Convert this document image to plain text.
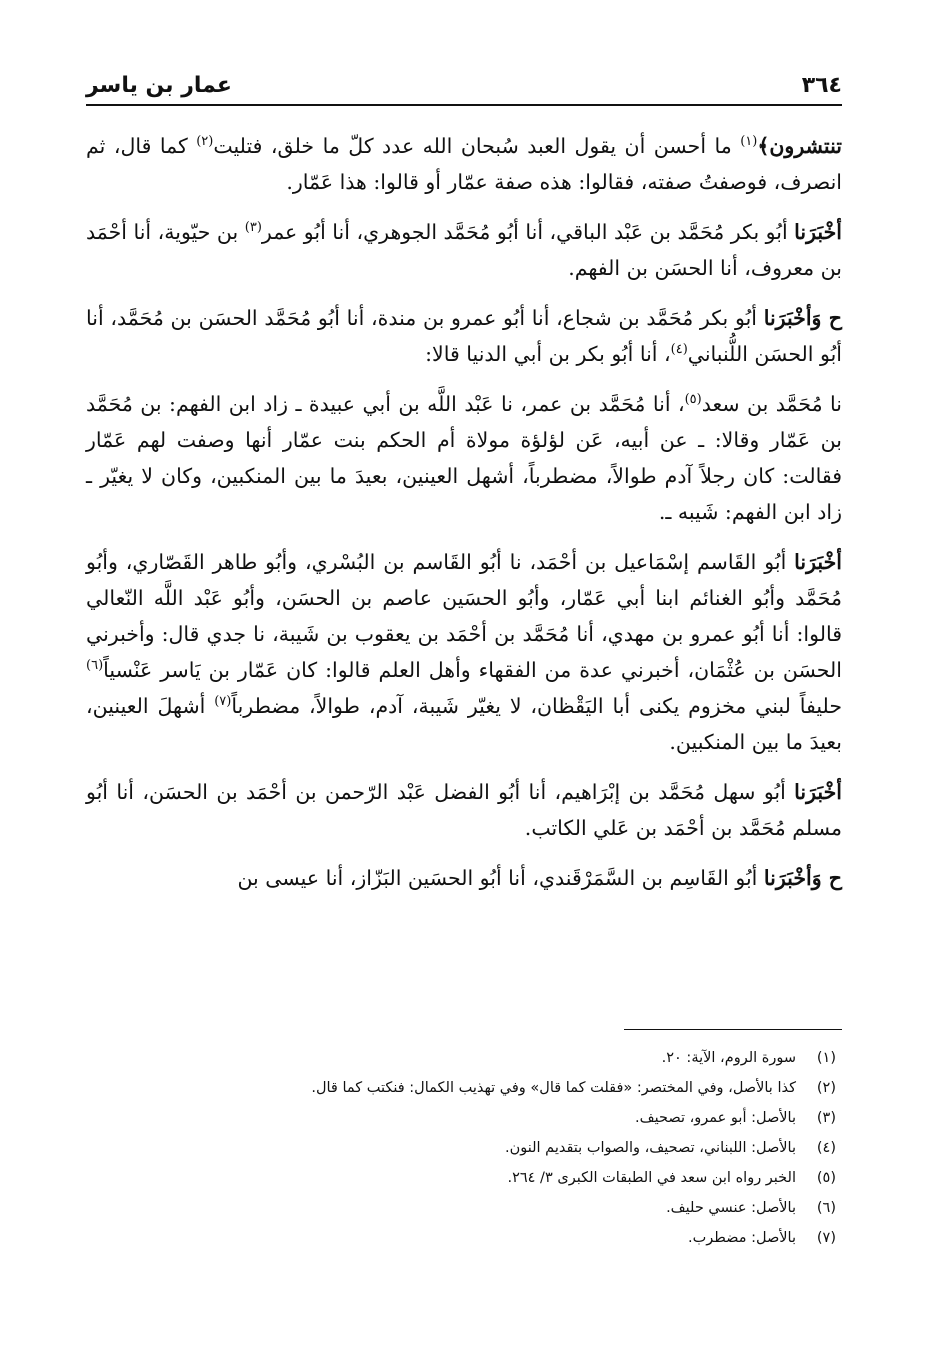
٣٦٤
عمار بن ياسر

تنتشرون﴾$^{(١)}$ ما أحسن أن يقول العبد سُبحان الله عدد كلّ ما خلق، فتليت$^{(٢)}$ كما قال، ثم انصرف، فوصفتُ صفته، فقالوا: هذه صفة عمّار أو قالوا: هذا عَمّار.

أخْبَرَنا أبُو بكر مُحَمَّد بن عَبْد الباقي، أنا أبُو مُحَمَّد الجوهري، أنا أبُو عمر$^{(٣)}$ بن حيّوية، أنا أحْمَد بن معروف، أنا الحسَن بن الفهم.

ح وَأخْبَرَنا أبُو بكر مُحَمَّد بن شجاع، أنا أبُو عمرو بن مندة، أنا أبُو مُحَمَّد الحسَن بن مُحَمَّد، أنا أبُو الحسَن اللُّنباني$^{(٤)}$، أنا أبُو بكر بن أبي الدنيا قالا:

نا مُحَمَّد بن سعد$^{(٥)}$، أنا مُحَمَّد بن عمر، نا عَبْد اللَّه بن أبي عبيدة ـ زاد ابن الفهم: بن مُحَمَّد بن عَمّار وقالا: ـ عن أبيه، عَن لؤلؤة مولاة أم الحكم بنت عمّار أنها وصفت لهم عَمّار فقالت: كان رجلاً آدم طوالاً، مضطرباً، أشهل العينين، بعيدَ ما بين المنكبين، وكان لا يغيّر ـ زاد ابن الفهم: شَيبه ـ.

أخْبَرَنا أبُو القَاسم إسْمَاعيل بن أحْمَد، نا أبُو القَاسم بن البُسْري، وأبُو طاهر القَصّاري، وأبُو مُحَمَّد وأبُو الغنائم ابنا أبي عَمّار، وأبُو الحسَين عاصم بن الحسَن، وأبُو عَبْد اللَّه النّعالي قالوا: أنا أبُو عمرو بن مهدي، أنا مُحَمَّد بن أحْمَد بن يعقوب بن شَيبة، نا جدي قال: وأخبرني الحسَن بن عُثْمَان، أخبرني عدة من الفقهاء وأهل العلم قالوا: كان عَمّار بن يَاسر عَنْسياً$^{(٦)}$ حليفاً لبني مخزوم يكنى أبا اليَقْظان، لا يغيّر شَيبة، آدم، طوالاً، مضطرباً$^{(٧)}$ أشهلَ العينين، بعيدَ ما بين المنكبين.

أخْبَرَنا أبُو سهل مُحَمَّد بن إبْرَاهيم، أنا أبُو الفضل عَبْد الرّحمن بن أحْمَد بن الحسَن، أنا أبُو مسلم مُحَمَّد بن أحْمَد بن عَلي الكاتب.

ح وَأخْبَرَنا أبُو القَاسِم بن السَّمَرْقَندي، أنا أبُو الحسَين البَزّاز، أنا عيسى بن

(١)
سورة الروم، الآية: ٢٠.
(٢)
كذا بالأصل، وفي المختصر: «فقلت كما قال» وفي تهذيب الكمال: فنكتب كما قال.
(٣)
بالأصل: أبو عمرو، تصحيف.
(٤)
بالأصل: اللبناني، تصحيف، والصواب بتقديم النون.
(٥)
الخبر رواه ابن سعد في الطبقات الكبرى ٣/ ٢٦٤.
(٦)
بالأصل: عنسي حليف.
(٧)
بالأصل: مضطرب.
